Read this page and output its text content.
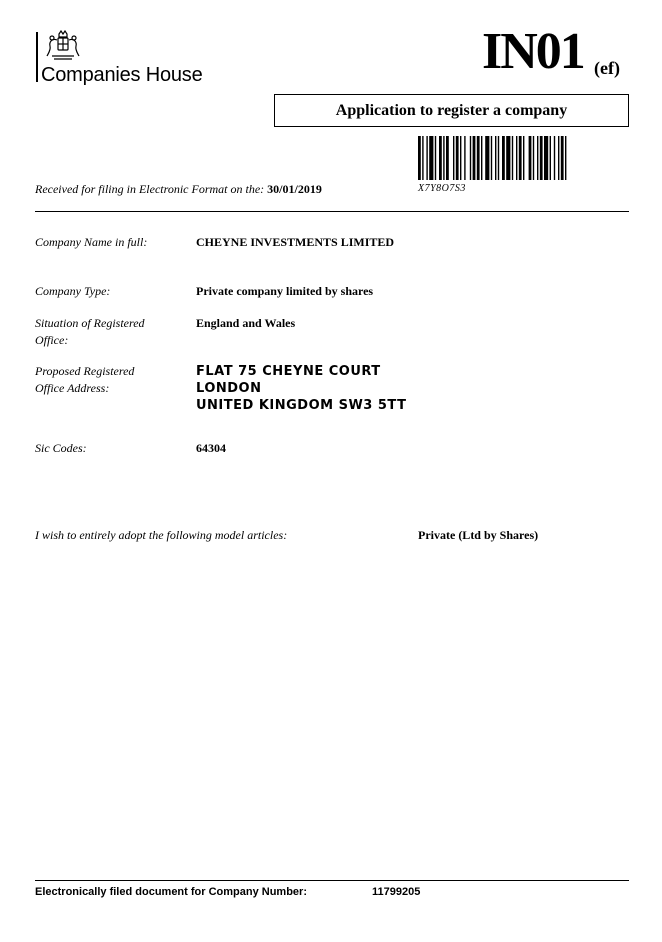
Companies House	IN01 (ef)
Application to register a company
X7Y8O7S3
Received for filing in Electronic Format on the: 30/01/2019
Company Name in full:	CHEYNE INVESTMENTS LIMITED
Company Type:	Private company limited by shares
Situation of Registered Office:
England and Wales
Proposed Registered Office Address:
FLAT 75 CHEYNE COURT
LONDON
UNITED KINGDOM SW3 5TT
Sic Codes:	64304
I wish to entirely adopt the following model articles:	Private (Ltd by Shares)
Electronically filed document for Company Number:	11799205
